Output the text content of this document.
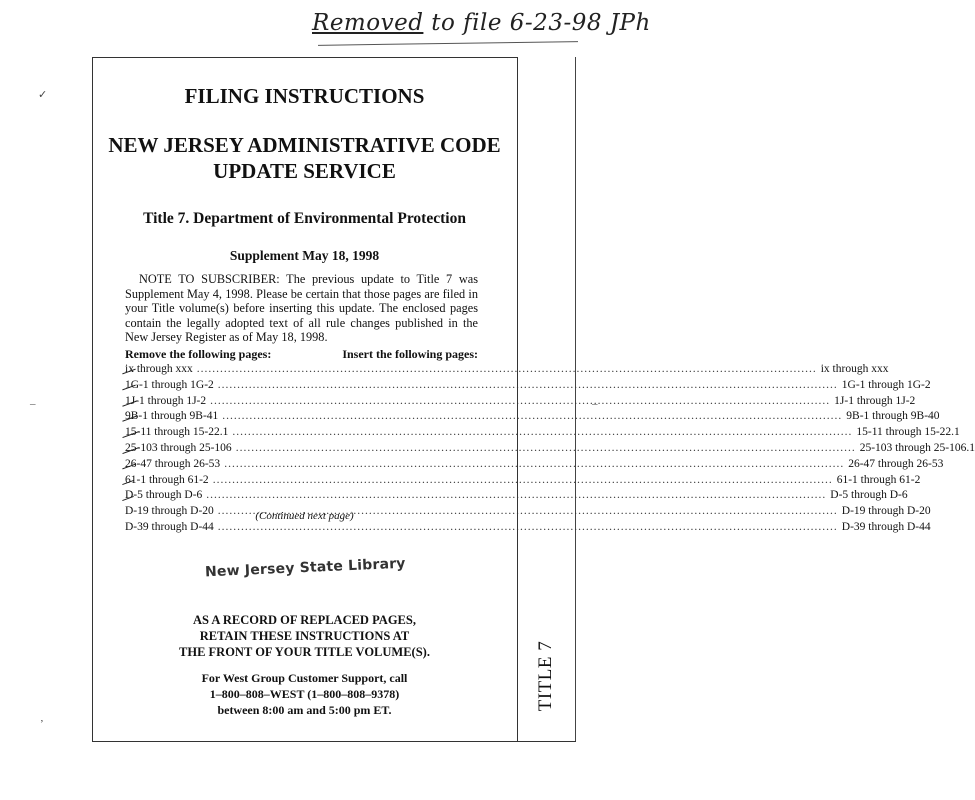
Removed to file 6-23-98 JPh
✓
–	–
ʼ
FILING INSTRUCTIONS
NEW JERSEY ADMINISTRATIVE CODE
UPDATE SERVICE
Title 7. Department of Environmental Protection
Supplement May 18, 1998
NOTE TO SUBSCRIBER: The previous update to Title 7 was Supplement May 4, 1998. Please be certain that those pages are filed in your Title volume(s) before inserting this update. The enclosed pages contain the legally adopted text of all rule changes published in the New Jersey Register as of May 18, 1998.
Remove the following pages:	Insert the following pages:
ix through xxx .....	ix through xxx
1G-1 through 1G-2 .....	1G-1 through 1G-2
1J-1 through 1J-2 .....	1J-1 through 1J-2
9B-1 through 9B-41 .....	9B-1 through 9B-40
15-11 through 15-22.1 .....	15-11 through 15-22.1
25-103 through 25-106 .....	25-103 through 25-106.1
26-47 through 26-53 .....	26-47 through 26-53
61-1 through 61-2 .....	61-1 through 61-2
D-5 through D-6 .....	D-5 through D-6
D-19 through D-20 .....	D-19 through D-20
D-39 through D-44 .....	D-39 through D-44
(Continued next page)
New Jersey State Library
AS A RECORD OF REPLACED PAGES,
RETAIN THESE INSTRUCTIONS AT
THE FRONT OF YOUR TITLE VOLUME(S).
For West Group Customer Support, call
1–800–808–WEST (1–800–808–9378)
between 8:00 am and 5:00 pm ET.	TITLE 7
